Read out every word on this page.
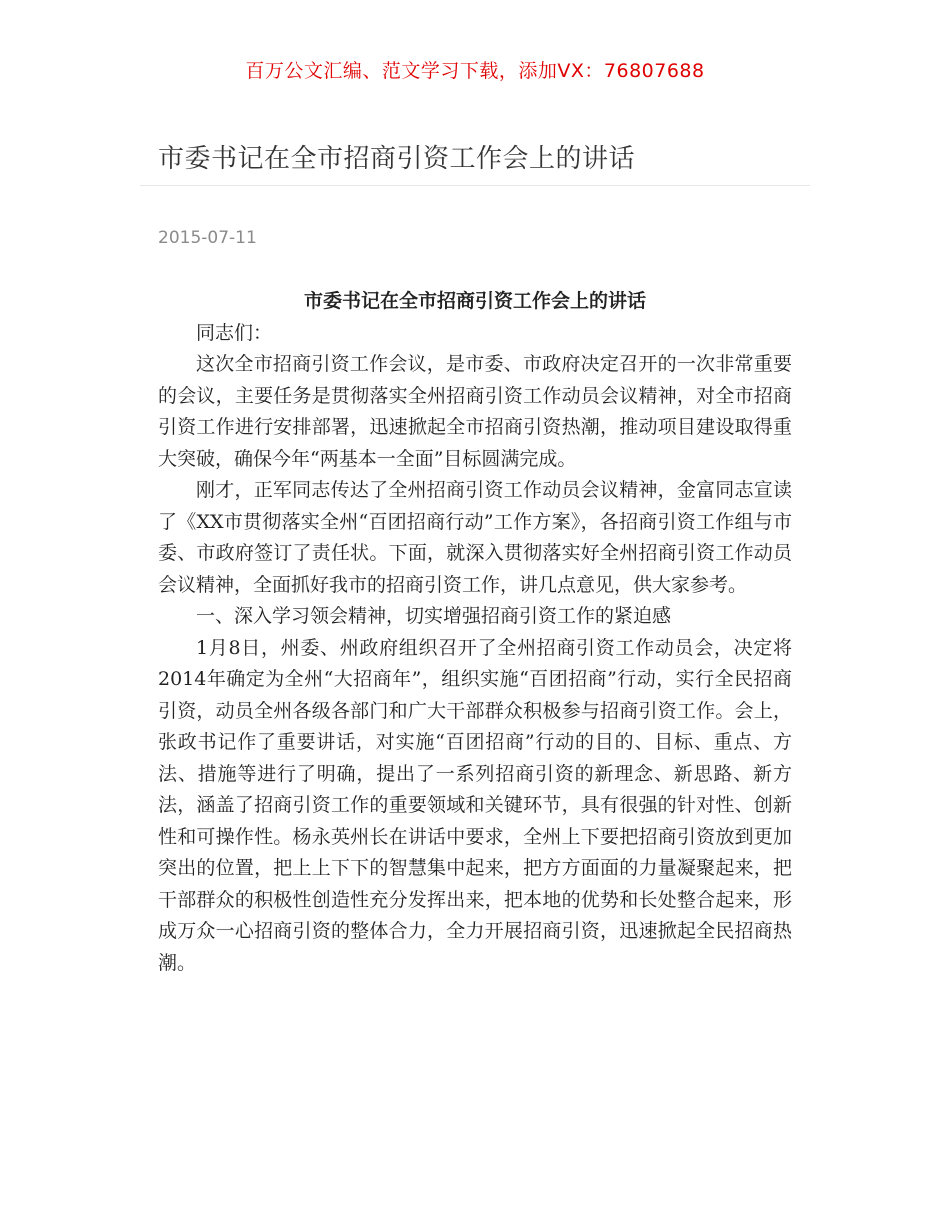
百万公文汇编、范文学习下载，添加VX：76807688
市委书记在全市招商引资工作会上的讲话
2015-07-11
市委书记在全市招商引资工作会上的讲话

同志们：

这次全市招商引资工作会议，是市委、市政府决定召开的一次非常重要的会议，主要任务是贯彻落实全州招商引资工作动员会议精神，对全市招商引资工作进行安排部署，迅速掀起全市招商引资热潮，推动项目建设取得重大突破，确保今年“两基本一全面”目标圆满完成。

刚才，正军同志传达了全州招商引资工作动员会议精神，金富同志宣读了《XX市贯彻落实全州“百团招商行动”工作方案》，各招商引资工作组与市委、市政府签订了责任状。下面，就深入贯彻落实好全州招商引资工作动员会议精神，全面抓好我市的招商引资工作，讲几点意见，供大家参考。

一、深入学习领会精神，切实增强招商引资工作的紧迫感

1月8日，州委、州政府组织召开了全州招商引资工作动员会，决定将2014年确定为全州“大招商年”，组织实施“百团招商”行动，实行全民招商引资，动员全州各级各部门和广大干部群众积极参与招商引资工作。会上，张政书记作了重要讲话，对实施“百团招商”行动的目的、目标、重点、方法、措施等进行了明确，提出了一系列招商引资的新理念、新思路、新方法，涵盖了招商引资工作的重要领域和关键环节，具有很强的针对性、创新性和可操作性。杨永英州长在讲话中要求，全州上下要把招商引资放到更加突出的位置，把上上下下的智慧集中起来，把方方面面的力量凝聚起来，把干部群众的积极性创造性充分发挥出来，把本地的优势和长处整合起来，形成万众一心招商引资的整体合力，全力开展招商引资，迅速掀起全民招商热潮。
